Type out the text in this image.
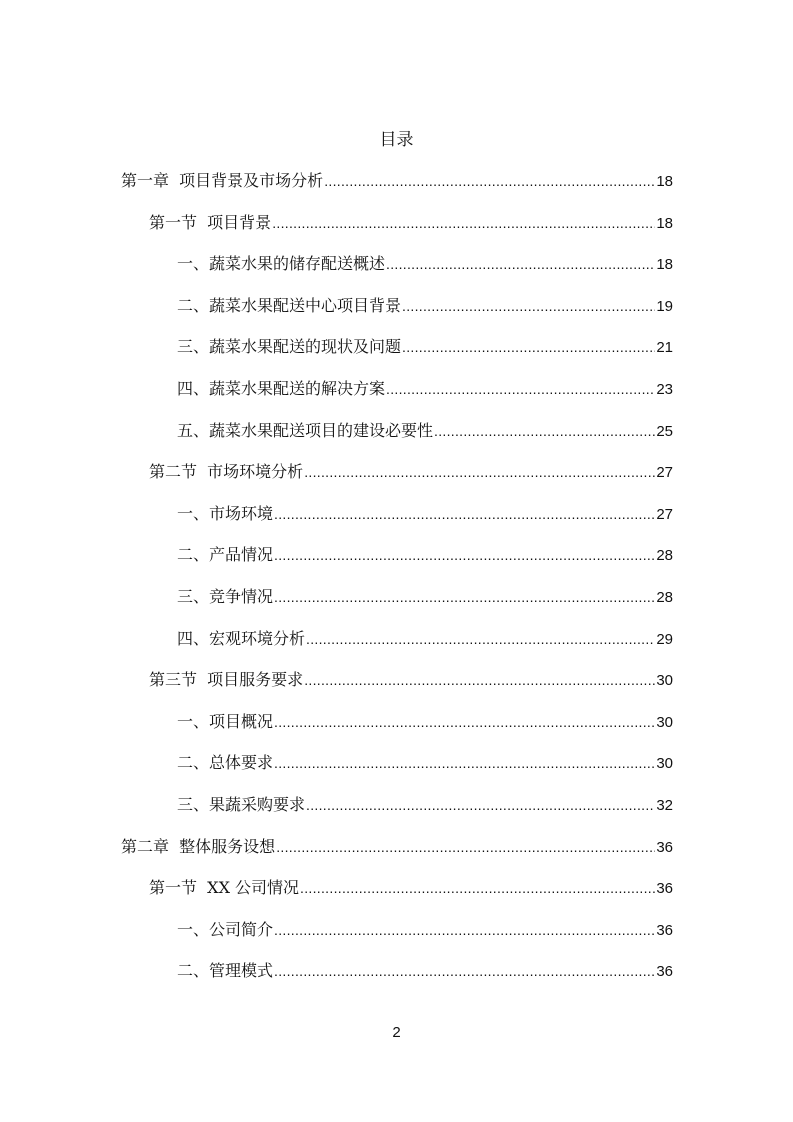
目录
第一章  项目背景及市场分析 .....	18
第一节  项目背景 .....	18
一、蔬菜水果的储存配送概述 .....	18
二、蔬菜水果配送中心项目背景 .....	19
三、蔬菜水果配送的现状及问题 .....	21
四、蔬菜水果配送的解决方案 .....	23
五、蔬菜水果配送项目的建设必要性 .....	25
第二节  市场环境分析 .....	27
一、市场环境 .....	27
二、产品情况 .....	28
三、竞争情况 .....	28
四、宏观环境分析 .....	29
第三节  项目服务要求 .....	30
一、项目概况 .....	30
二、总体要求 .....	30
三、果蔬采购要求 .....	32
第二章  整体服务设想 .....	36
第一节  XX 公司情况 .....	36
一、公司简介 .....	36
二、管理模式 .....	36
2
